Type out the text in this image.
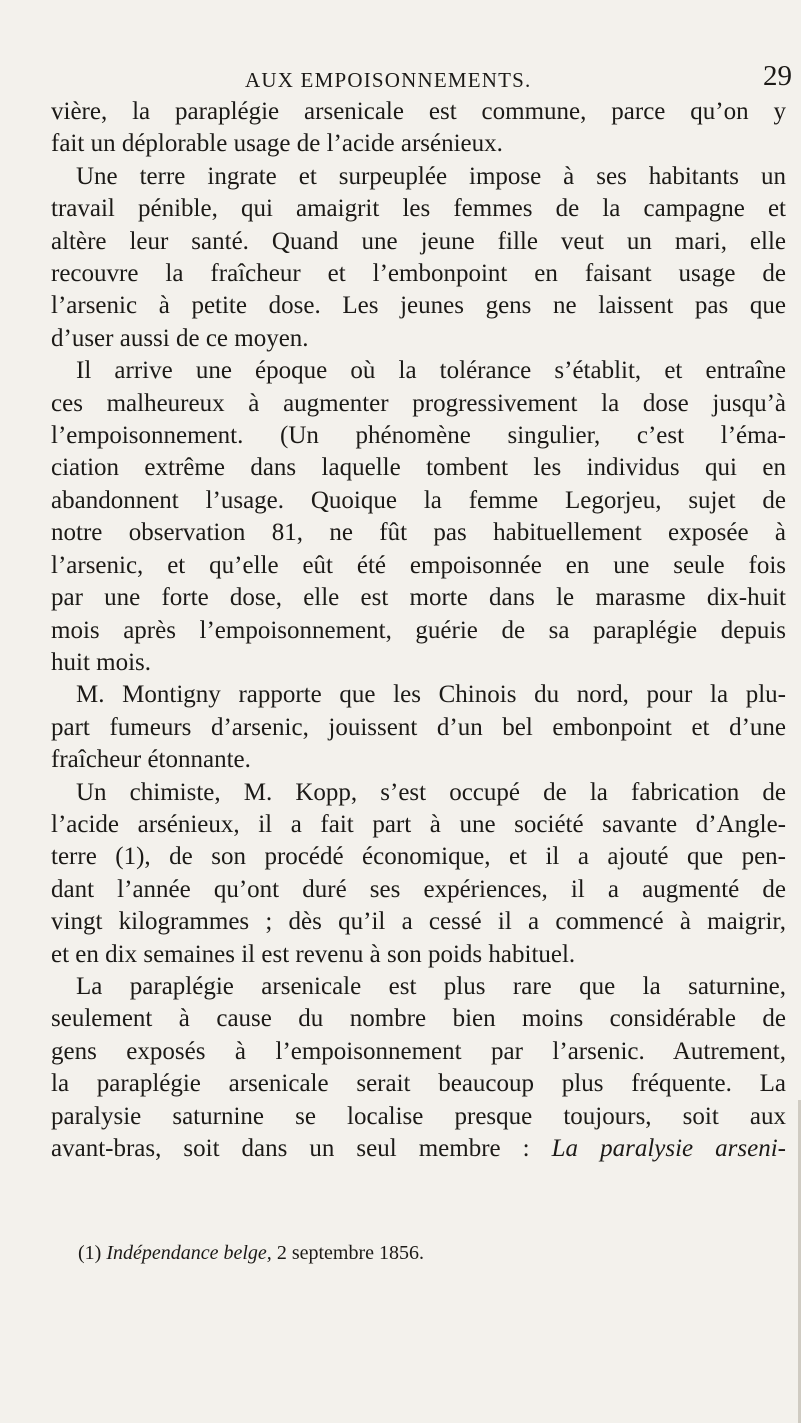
AUX EMPOISONNEMENTS.	29
vière, la paraplégie arsenicale est commune, parce qu’on y
fait un déplorable usage de l’acide arsénieux.
Une terre ingrate et surpeuplée impose à ses habitants un
travail pénible, qui amaigrit les femmes de la campagne et
altère leur santé. Quand une jeune fille veut un mari, elle
recouvre la fraîcheur et l’embonpoint en faisant usage de
l’arsenic à petite dose. Les jeunes gens ne laissent pas que
d’user aussi de ce moyen.
Il arrive une époque où la tolérance s’établit, et entraîne
ces malheureux à augmenter progressivement la dose jusqu’à
l’empoisonnement. (Un phénomène singulier, c’est l’éma-
ciation extrême dans laquelle tombent les individus qui en
abandonnent l’usage. Quoique la femme Legorjeu, sujet de
notre observation 81, ne fût pas habituellement exposée à
l’arsenic, et qu’elle eût été empoisonnée en une seule fois
par une forte dose, elle est morte dans le marasme dix-huit
mois après l’empoisonnement, guérie de sa paraplégie depuis
huit mois.
M. Montigny rapporte que les Chinois du nord, pour la plu-
part fumeurs d’arsenic, jouissent d’un bel embonpoint et d’une
fraîcheur étonnante.
Un chimiste, M. Kopp, s’est occupé de la fabrication de
l’acide arsénieux, il a fait part à une société savante d’Angle-
terre (1), de son procédé économique, et il a ajouté que pen-
dant l’année qu’ont duré ses expériences, il a augmenté de
vingt kilogrammes ; dès qu’il a cessé il a commencé à maigrir,
et en dix semaines il est revenu à son poids habituel.
La paraplégie arsenicale est plus rare que la saturnine,
seulement à cause du nombre bien moins considérable de
gens exposés à l’empoisonnement par l’arsenic. Autrement,
la paraplégie arsenicale serait beaucoup plus fréquente. La
paralysie saturnine se localise presque toujours, soit aux
avant-bras, soit dans un seul membre : La paralysie arseni-
(1) Indépendance belge, 2 septembre 1856.
